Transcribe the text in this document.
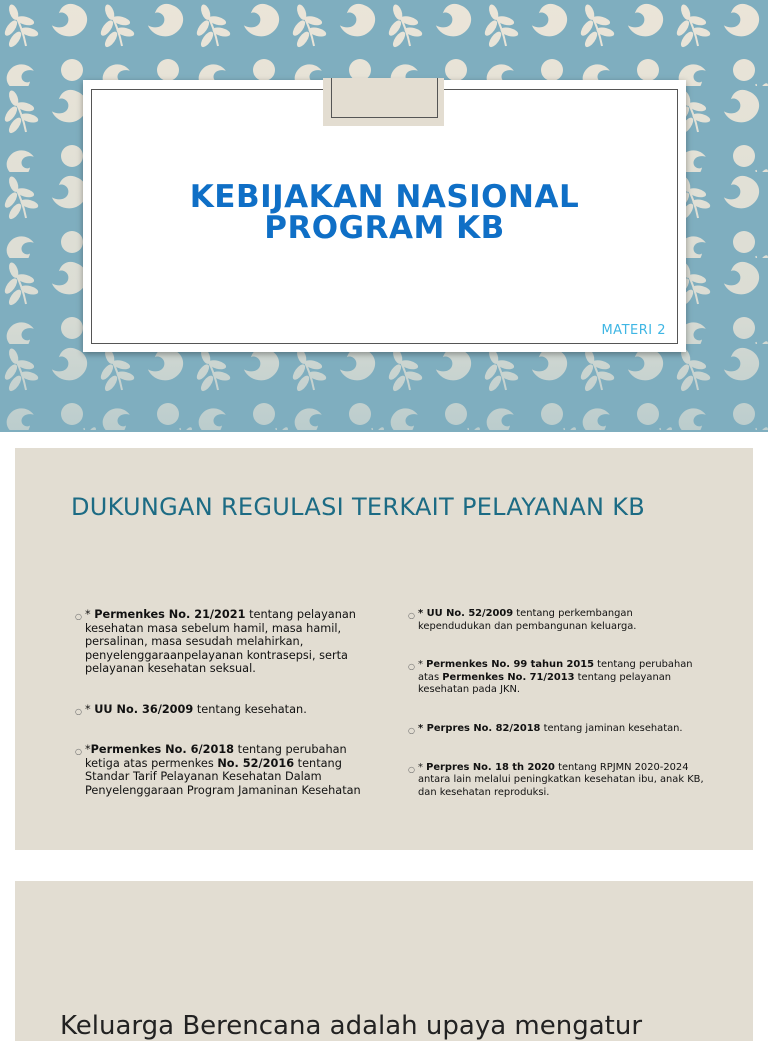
KEBIJAKAN NASIONAL
PROGRAM KB
MATERI 2
DUKUNGAN REGULASI TERKAIT PELAYANAN KB
○ * Permenkes No. 21/2021 tentang pelayanan kesehatan masa sebelum hamil, masa hamil, persalinan, masa sesudah melahirkan, penyelenggaraanpelayanan kontrasepsi, serta pelayanan kesehatan seksual.
○ * UU No. 36/2009 tentang kesehatan.
○ *Permenkes No. 6/2018 tentang perubahan ketiga atas permenkes No. 52/2016 tentang Standar Tarif Pelayanan Kesehatan Dalam Penyelenggaraan Program Jamaninan Kesehatan
○ * UU No. 52/2009 tentang perkembangan kependudukan dan pembangunan keluarga.
○ * Permenkes No. 99 tahun 2015 tentang perubahan atas Permenkes No. 71/2013 tentang pelayanan kesehatan pada JKN.
○ * Perpres No. 82/2018 tentang jaminan kesehatan.
○ * Perpres No. 18 th 2020 tentang RPJMN 2020-2024 antara lain melalui peningkatkan kesehatan ibu, anak KB, dan kesehatan reproduksi.
Keluarga Berencana adalah upaya mengatur
